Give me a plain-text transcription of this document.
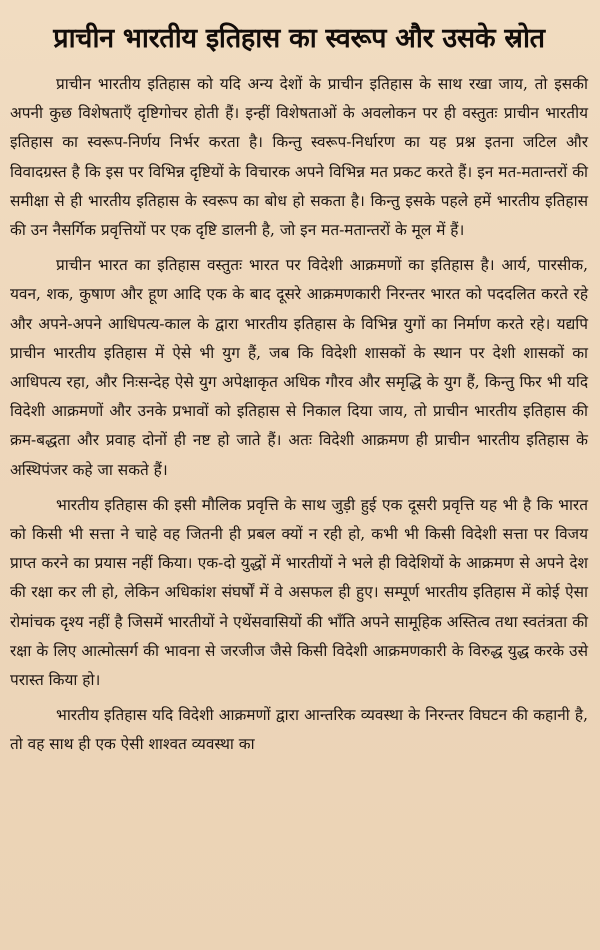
प्राचीन भारतीय इतिहास का स्वरूप और उसके स्रोत

प्राचीन भारतीय इतिहास को यदि अन्य देशों के प्राचीन इतिहास के साथ रखा जाय, तो इसकी अपनी कुछ विशेषताएँ दृष्टिगोचर होती हैं। इन्हीं विशेषताओं के अवलोकन पर ही वस्तुतः प्राचीन भारतीय इतिहास का स्वरूप-निर्णय निर्भर करता है। किन्तु स्वरूप-निर्धारण का यह प्रश्न इतना जटिल और विवादग्रस्त है कि इस पर विभिन्न दृष्टियों के विचारक अपने विभिन्न मत प्रकट करते हैं। इन मत-मतान्तरों की समीक्षा से ही भारतीय इतिहास के स्वरूप का बोध हो सकता है। किन्तु इसके पहले हमें भारतीय इतिहास की उन नैसर्गिक प्रवृत्तियों पर एक दृष्टि डालनी है, जो इन मत-मतान्तरों के मूल में हैं।

प्राचीन भारत का इतिहास वस्तुतः भारत पर विदेशी आक्रमणों का इतिहास है। आर्य, पारसीक, यवन, शक, कुषाण और हूण आदि एक के बाद दूसरे आक्रमणकारी निरन्तर भारत को पददलित करते रहे और अपने-अपने आधिपत्य-काल के द्वारा भारतीय इतिहास के विभिन्न युगों का निर्माण करते रहे। यद्यपि प्राचीन भारतीय इतिहास में ऐसे भी युग हैं, जब कि विदेशी शासकों के स्थान पर देशी शासकों का आधिपत्य रहा, और निःसन्देह ऐसे युग अपेक्षाकृत अधिक गौरव और समृद्धि के युग हैं, किन्तु फिर भी यदि विदेशी आक्रमणों और उनके प्रभावों को इतिहास से निकाल दिया जाय, तो प्राचीन भारतीय इतिहास की क्रम-बद्धता और प्रवाह दोनों ही नष्ट हो जाते हैं। अतः विदेशी आक्रमण ही प्राचीन भारतीय इतिहास के अस्थिपंजर कहे जा सकते हैं।

भारतीय इतिहास की इसी मौलिक प्रवृत्ति के साथ जुड़ी हुई एक दूसरी प्रवृत्ति यह भी है कि भारत को किसी भी सत्ता ने चाहे वह जितनी ही प्रबल क्यों न रही हो, कभी भी किसी विदेशी सत्ता पर विजय प्राप्त करने का प्रयास नहीं किया। एक-दो युद्धों में भारतीयों ने भले ही विदेशियों के आक्रमण से अपने देश की रक्षा कर ली हो, लेकिन अधिकांश संघर्षों में वे असफल ही हुए। सम्पूर्ण भारतीय इतिहास में कोई ऐसा रोमांचक दृश्य नहीं है जिसमें भारतीयों ने एथेंसवासियों की भाँति अपने सामूहिक अस्तित्व तथा स्वतंत्रता की रक्षा के लिए आत्मोत्सर्ग की भावना से जरजीज जैसे किसी विदेशी आक्रमणकारी के विरुद्ध युद्ध करके उसे परास्त किया हो।

भारतीय इतिहास यदि विदेशी आक्रमणों द्वारा आन्तरिक व्यवस्था के निरन्तर विघटन की कहानी है, तो वह साथ ही एक ऐसी शाश्वत व्यवस्था का
